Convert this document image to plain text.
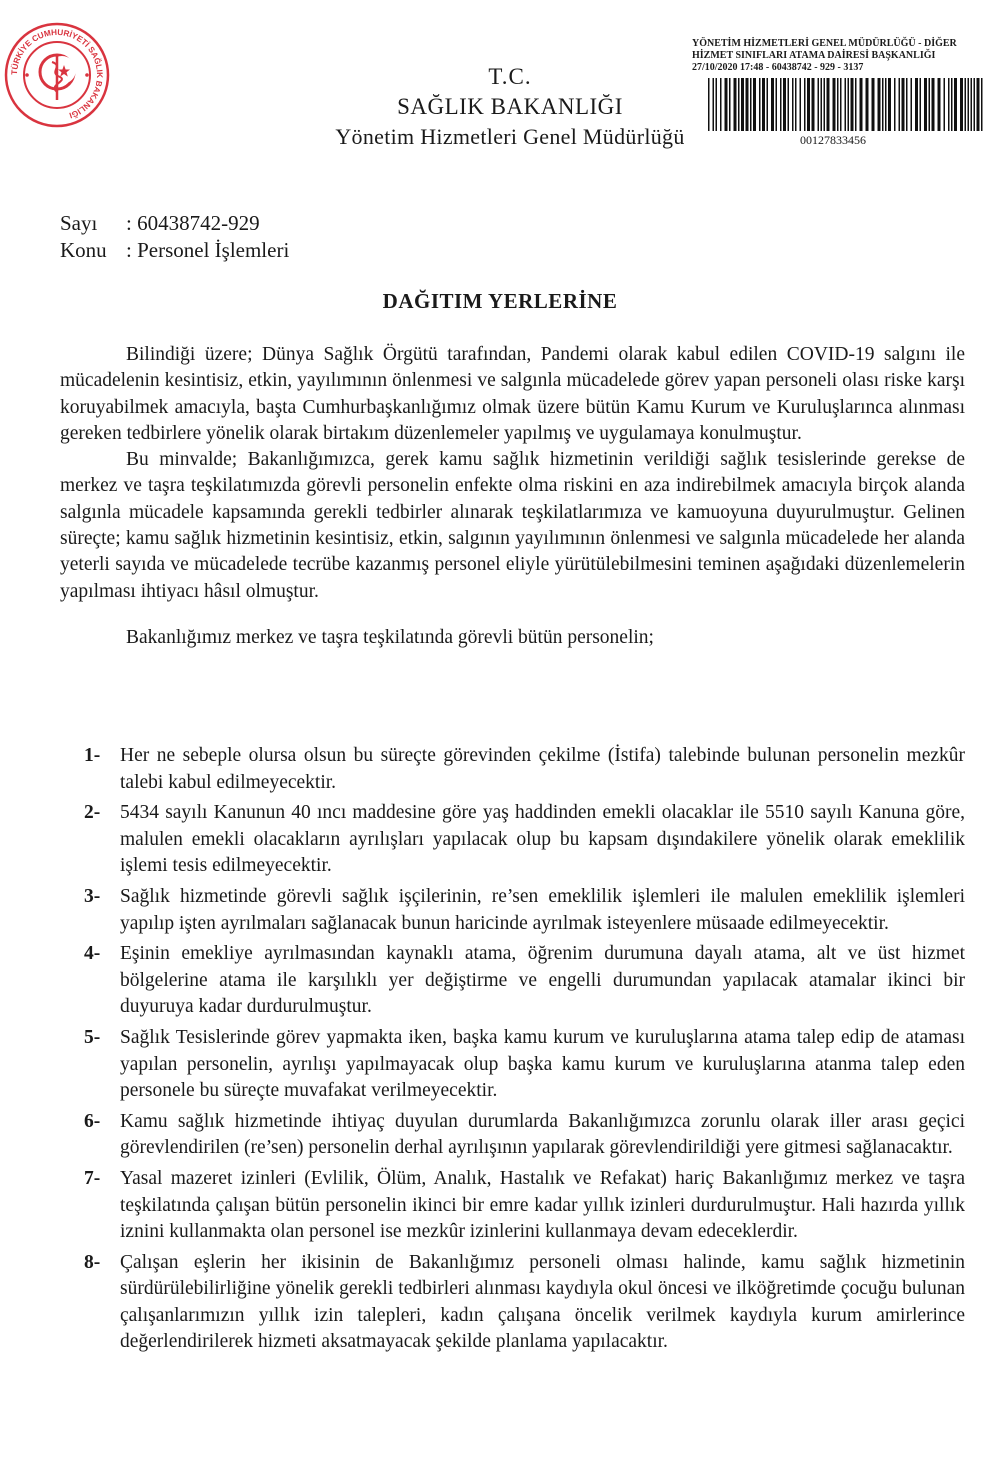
TÜRKİYE CUMHURİYETİ SAĞLIK BAKANLIĞI
T.C.
SAĞLIK BAKANLIĞI
Yönetim Hizmetleri Genel Müdürlüğü
YÖNETİM HİZMETLERİ GENEL MÜDÜRLÜĞÜ - DİĞER
HİZMET SINIFLARI ATAMA DAİRESİ BAŞKANLIĞI
27/10/2020 17:48 - 60438742 - 929 - 3137
00127833456
Sayı	: 60438742-929
Konu : Personel İşlemleri
DAĞITIM YERLERİNE

Bilindiği üzere; Dünya Sağlık Örgütü tarafından, Pandemi olarak kabul edilen COVID-19 salgını ile mücadelenin kesintisiz, etkin, yayılımının önlenmesi ve salgınla mücadelede görev yapan personeli olası riske karşı koruyabilmek amacıyla, başta Cumhurbaşkanlığımız olmak üzere bütün Kamu Kurum ve Kuruluşlarınca alınması gereken tedbirlere yönelik olarak birtakım düzenlemeler yapılmış ve uygulamaya konulmuştur.

Bu minvalde; Bakanlığımızca, gerek kamu sağlık hizmetinin verildiği sağlık tesislerinde gerekse de merkez ve taşra teşkilatımızda görevli personelin enfekte olma riskini en aza indirebilmek amacıyla birçok alanda salgınla mücadele kapsamında gerekli tedbirler alınarak teşkilatlarımıza ve kamuoyuna duyurulmuştur. Gelinen süreçte; kamu sağlık hizmetinin kesintisiz, etkin, salgının yayılımının önlenmesi ve salgınla mücadelede her alanda yeterli sayıda ve mücadelede tecrübe kazanmış personel eliyle yürütülebilmesini teminen aşağıdaki düzenlemelerin yapılması ihtiyacı hâsıl olmuştur.

Bakanlığımız merkez ve taşra teşkilatında görevli bütün personelin;

1-	Her ne sebeple olursa olsun bu süreçte görevinden çekilme (İstifa) talebinde bulunan personelin mezkûr talebi kabul edilmeyecektir.
2-	5434 sayılı Kanunun 40 ıncı maddesine göre yaş haddinden emekli olacaklar ile 5510 sayılı Kanuna göre, malulen emekli olacakların ayrılışları yapılacak olup bu kapsam dışındakilere yönelik olarak emeklilik işlemi tesis edilmeyecektir.
3-	Sağlık hizmetinde görevli sağlık işçilerinin, re’sen emeklilik işlemleri ile malulen emeklilik işlemleri yapılıp işten ayrılmaları sağlanacak bunun haricinde ayrılmak isteyenlere müsaade edilmeyecektir.
4-	Eşinin emekliye ayrılmasından kaynaklı atama, öğrenim durumuna dayalı atama, alt ve üst hizmet bölgelerine atama ile karşılıklı yer değiştirme ve engelli durumundan yapılacak atamalar ikinci bir duyuruya kadar durdurulmuştur.
5-	Sağlık Tesislerinde görev yapmakta iken, başka kamu kurum ve kuruluşlarına atama talep edip de ataması yapılan personelin, ayrılışı yapılmayacak olup başka kamu kurum ve kuruluşlarına atanma talep eden personele bu süreçte muvafakat verilmeyecektir.
6-	Kamu sağlık hizmetinde ihtiyaç duyulan durumlarda Bakanlığımızca zorunlu olarak iller arası geçici görevlendirilen (re’sen) personelin derhal ayrılışının yapılarak görevlendirildiği yere gitmesi sağlanacaktır.
7-	Yasal mazeret izinleri (Evlilik, Ölüm, Analık, Hastalık ve Refakat) hariç Bakanlığımız merkez ve taşra teşkilatında çalışan bütün personelin ikinci bir emre kadar yıllık izinleri durdurulmuştur. Hali hazırda yıllık iznini kullanmakta olan personel ise mezkûr izinlerini kullanmaya devam edeceklerdir.
8-	Çalışan eşlerin her ikisinin de Bakanlığımız personeli olması halinde, kamu sağlık hizmetinin sürdürülebilirliğine yönelik gerekli tedbirleri alınması kaydıyla okul öncesi ve ilköğretimde çocuğu bulunan çalışanlarımızın yıllık izin talepleri, kadın çalışana öncelik verilmek kaydıyla kurum amirlerince değerlendirilerek hizmeti aksatmayacak şekilde planlama yapılacaktır.
